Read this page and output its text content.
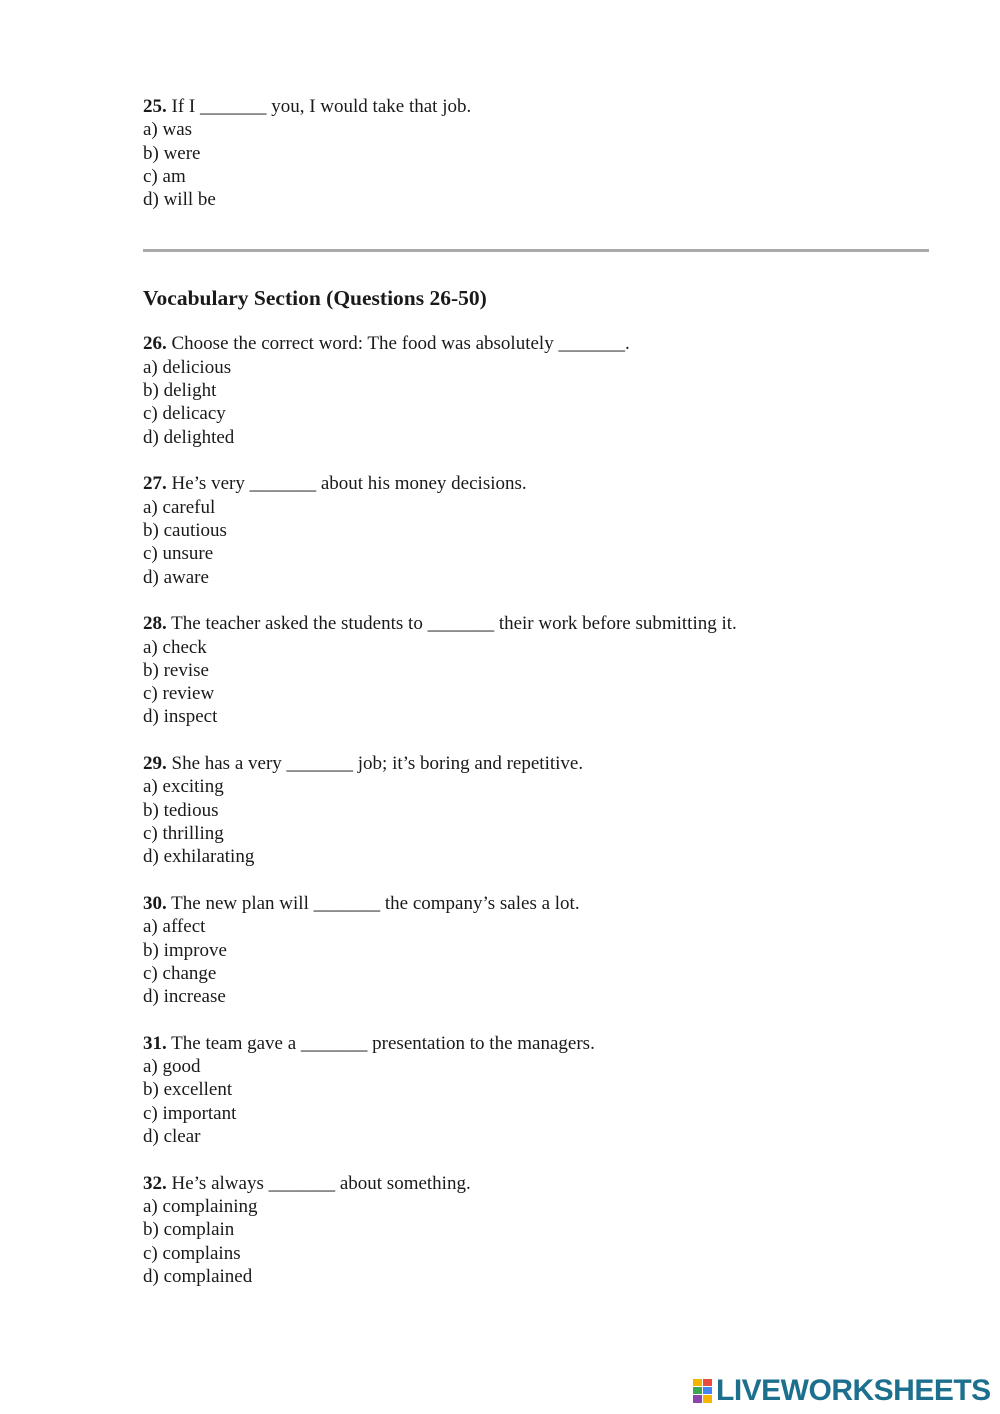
25. If I _______ you, I would take that job.
a) was
b) were
c) am
d) will be
Vocabulary Section (Questions 26-50)
26. Choose the correct word: The food was absolutely _______.
a) delicious
b) delight
c) delicacy
d) delighted
27. He’s very _______ about his money decisions.
a) careful
b) cautious
c) unsure
d) aware
28. The teacher asked the students to _______ their work before submitting it.
a) check
b) revise
c) review
d) inspect
29. She has a very _______ job; it’s boring and repetitive.
a) exciting
b) tedious
c) thrilling
d) exhilarating
30. The new plan will _______ the company’s sales a lot.
a) affect
b) improve
c) change
d) increase
31. The team gave a _______ presentation to the managers.
a) good
b) excellent
c) important
d) clear
32. He’s always _______ about something.
a) complaining
b) complain
c) complains
d) complained
LIVEWORKSHEETS
